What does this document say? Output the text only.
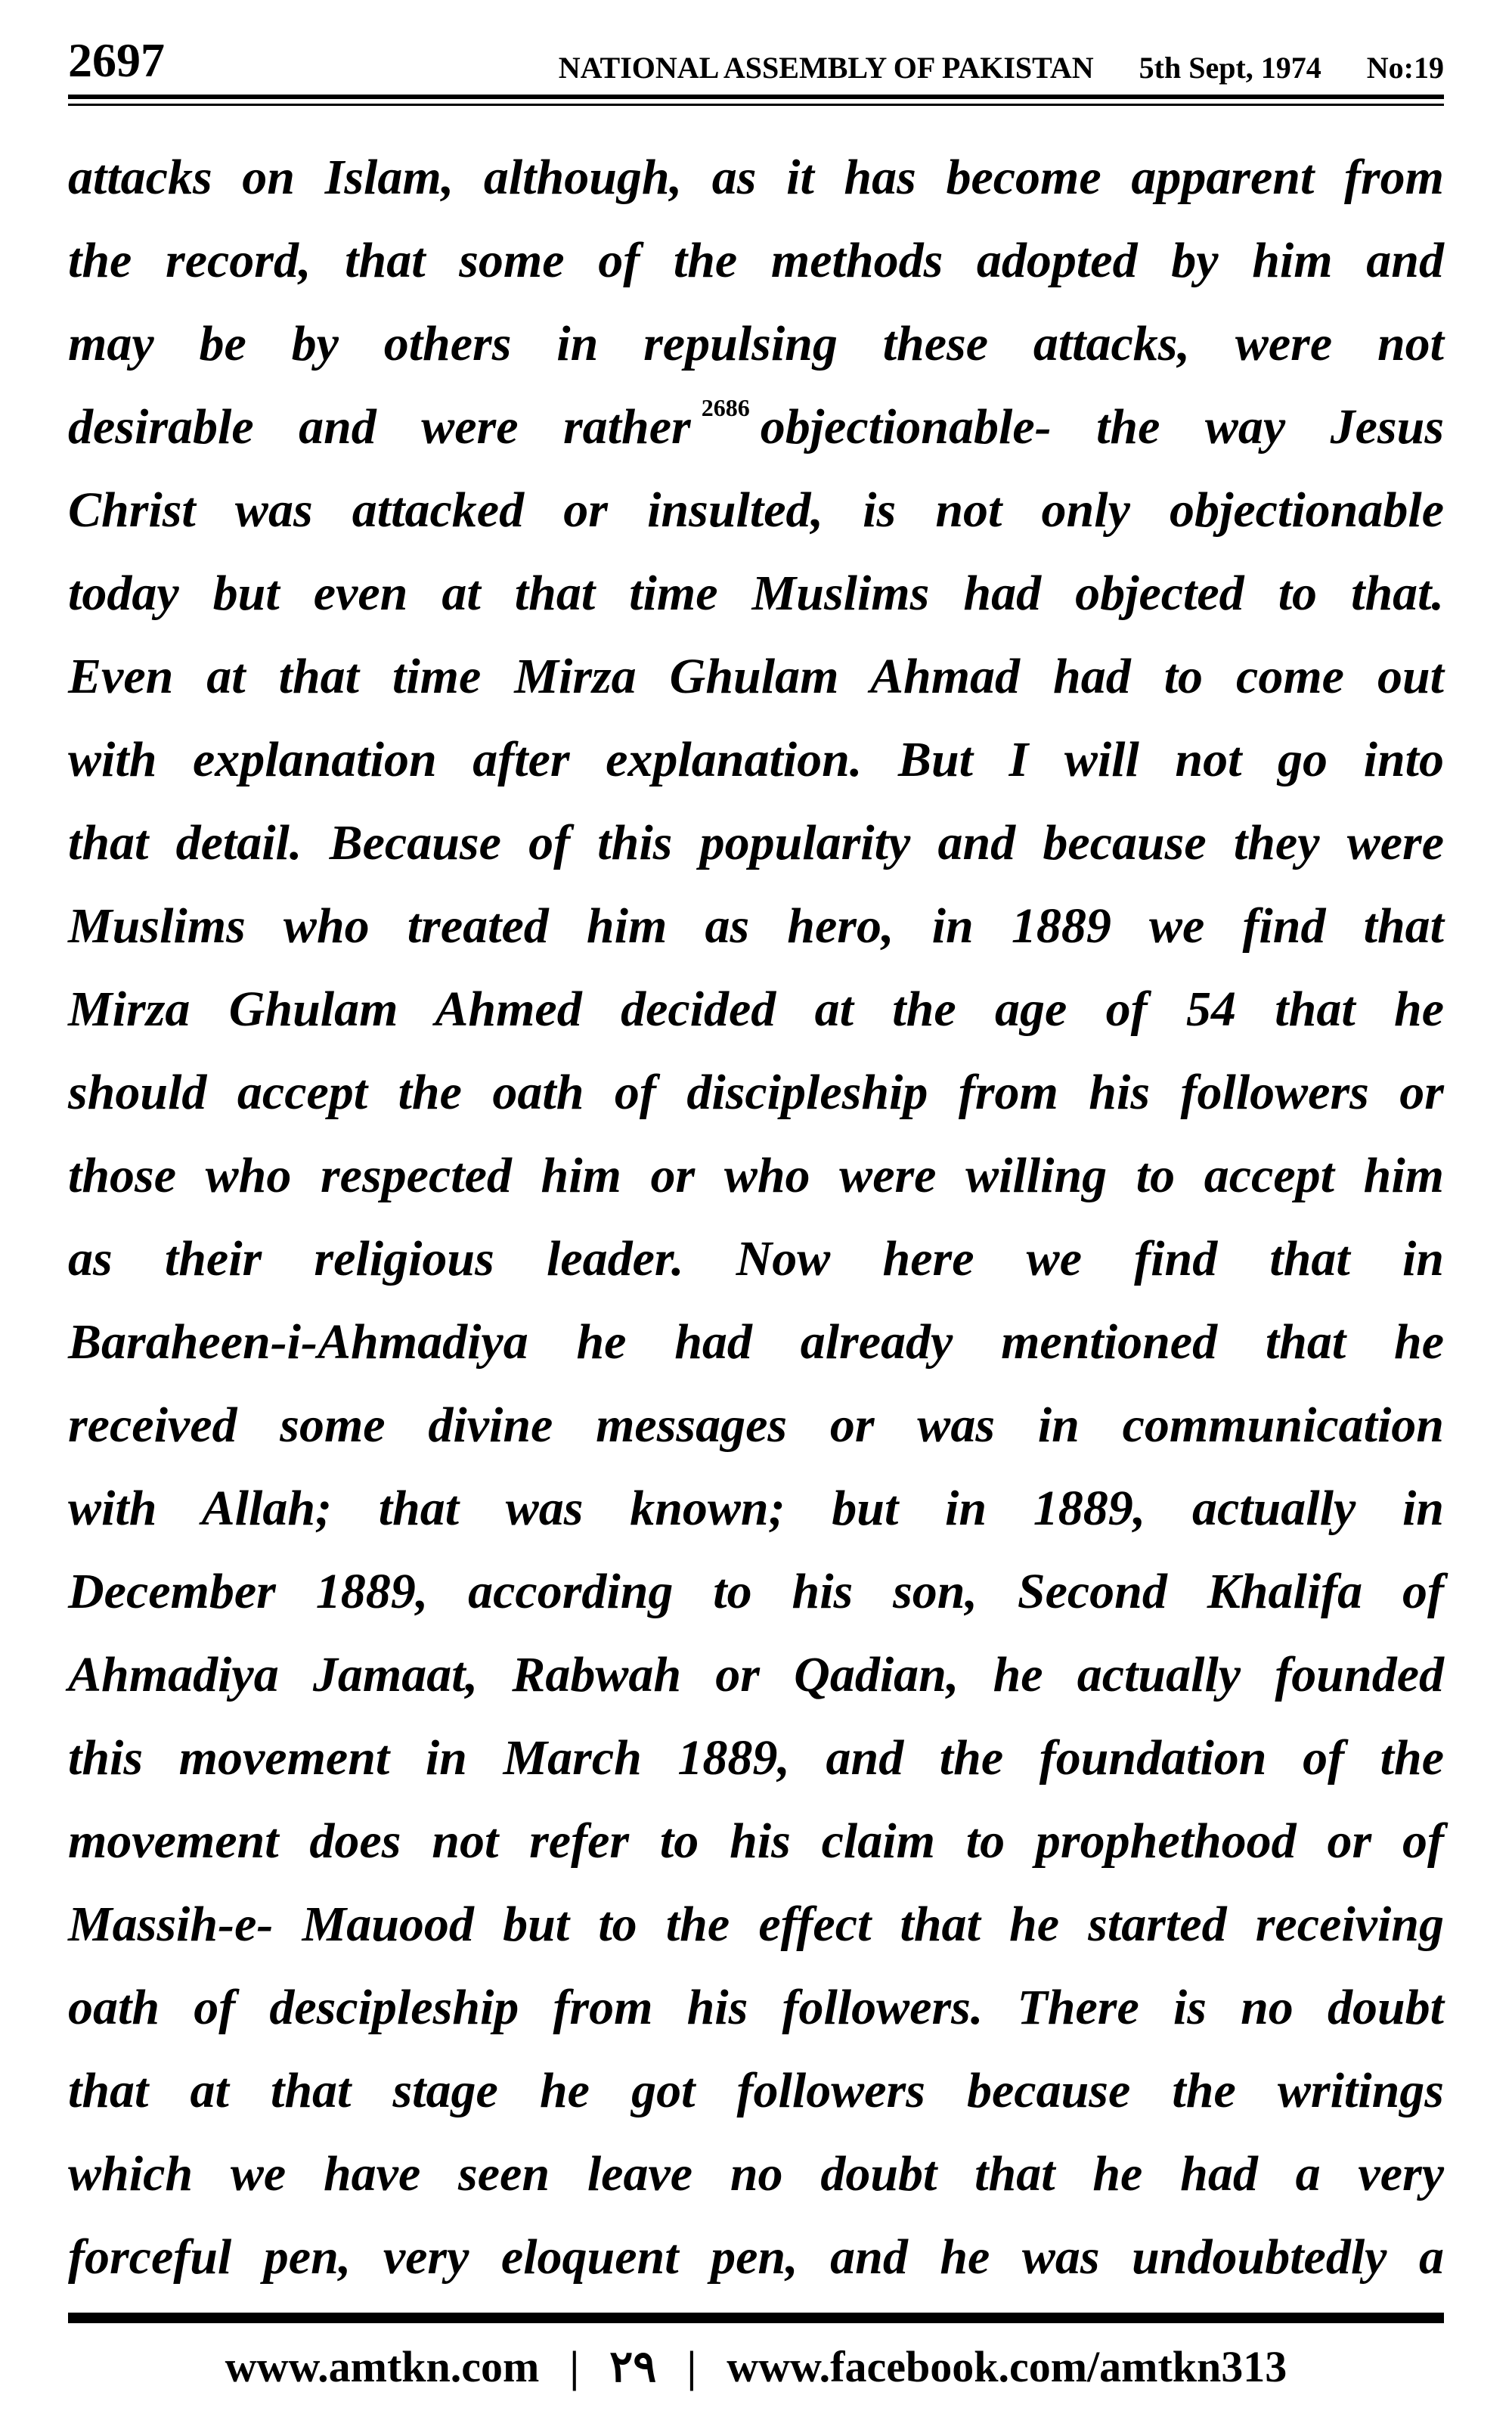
2697	NATIONAL ASSEMBLY OF PAKISTAN 5th Sept, 1974 No:19
attacks on Islam, although, as it has become apparent from
the record, that some of the methods adopted by him and
may be by others in repulsing these attacks, were not
desirable and were rather $^{2686}$ objectionable- the way Jesus
Christ was attacked or insulted, is not only objectionable
today but even at that time Muslims had objected to that.
Even at that time Mirza Ghulam Ahmad had to come out
with explanation after explanation. But I will not go into
that detail. Because of this popularity and because they were
Muslims who treated him as hero, in 1889 we find that
Mirza Ghulam Ahmed decided at the age of 54 that he
should accept the oath of discipleship from his followers or
those who respected him or who were willing to accept him
as their religious leader. Now here we find that in
Baraheen-i-Ahmadiya he had already mentioned that he
received some divine messages or was in communication
with Allah; that was known; but in 1889, actually in
December 1889, according to his son, Second Khalifa of
Ahmadiya Jamaat, Rabwah or Qadian, he actually founded
this movement in March 1889, and the foundation of the
movement does not refer to his claim to prophethood or of
Massih-e- Mauood but to the effect that he started receiving
oath of descipleship from his followers. There is no doubt
that at that stage he got followers because the writings
which we have seen leave no doubt that he had a very
forceful pen, very eloquent pen, and he was undoubtedly a
www.amtkn.com | ۲۹ | www.facebook.com/amtkn313
